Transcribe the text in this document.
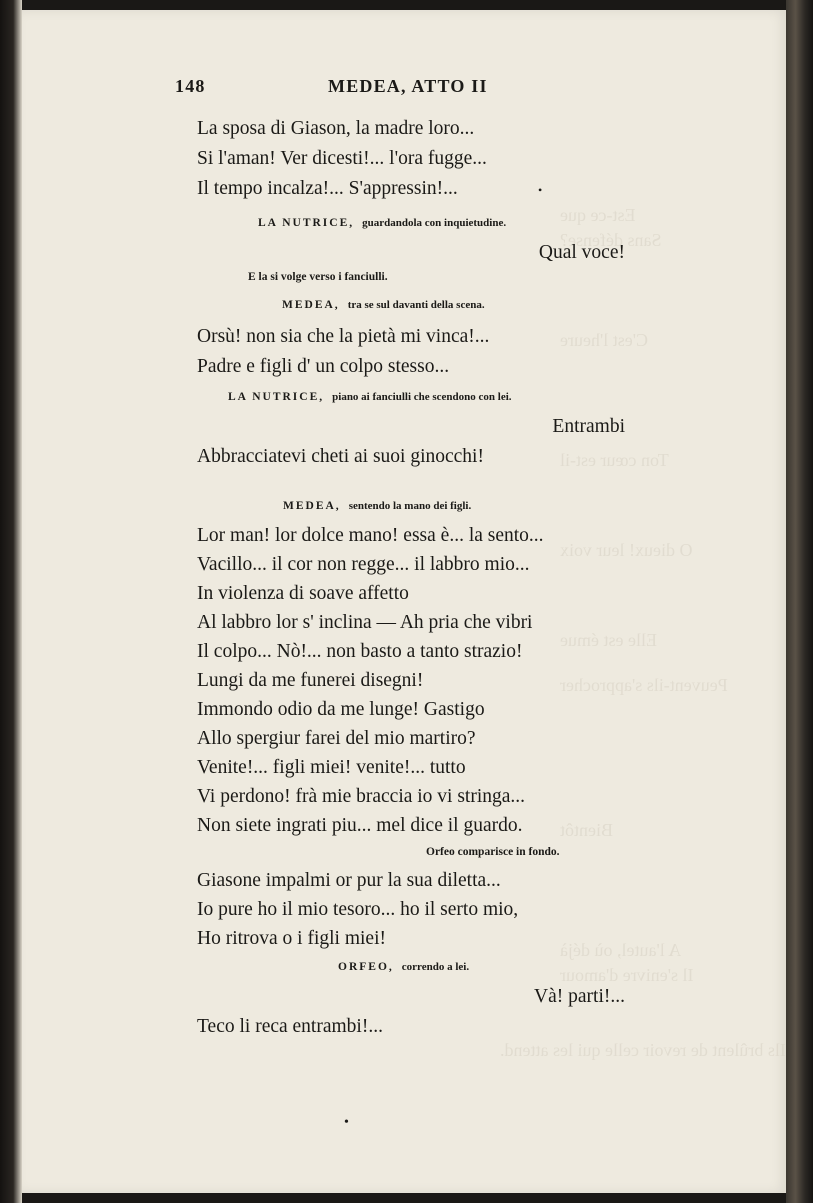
Est-ce que
Sans défense?
C'est l'heure
Ton cœur est-il
O dieux! leur voix
Elle est émue
Peuvent-ils s'approcher
Bientôt
A l'autel, où déjà
Il s'enivre d'amour
Ils brûlent de revoir celle qui les attend.
148	MEDEA, ATTO II
La sposa di Giason, la madre loro...
Si l'aman! Ver dicesti!... l'ora fugge...
Il tempo incalza!... S'appressin!...
LA NUTRICE, guardandola con inquietudine.
Qual voce!
E la si volge verso i fanciulli.
MEDEA, tra se sul davanti della scena.
Orsù! non sia che la pietà mi vinca!...
Padre e figli d' un colpo stesso...
LA NUTRICE, piano ai fanciulli che scendono con lei.
Entrambi
Abbracciatevi cheti ai suoi ginocchi!
MEDEA, sentendo la mano dei figli.
Lor man! lor dolce mano! essa è... la sento...
Vacillo... il cor non regge... il labbro mio...
In violenza di soave affetto
Al labbro lor s' inclina — Ah pria che vibri
Il colpo... Nò!... non basto a tanto strazio!
Lungi da me funerei disegni!
Immondo odio da me lunge! Gastigo
Allo spergiur farei del mio martiro?
Venite!... figli miei! venite!... tutto
Vi perdono! frà mie braccia io vi stringa...
Non siete ingrati piu... mel dice il guardo.
Orfeo comparisce in fondo.
Giasone impalmi or pur la sua diletta...
Io pure ho il mio tesoro... ho il serto mio,
Ho ritrova o i figli miei!
ORFEO, correndo a lei.
Và! parti!...
Teco li reca entrambi!...
•
•
